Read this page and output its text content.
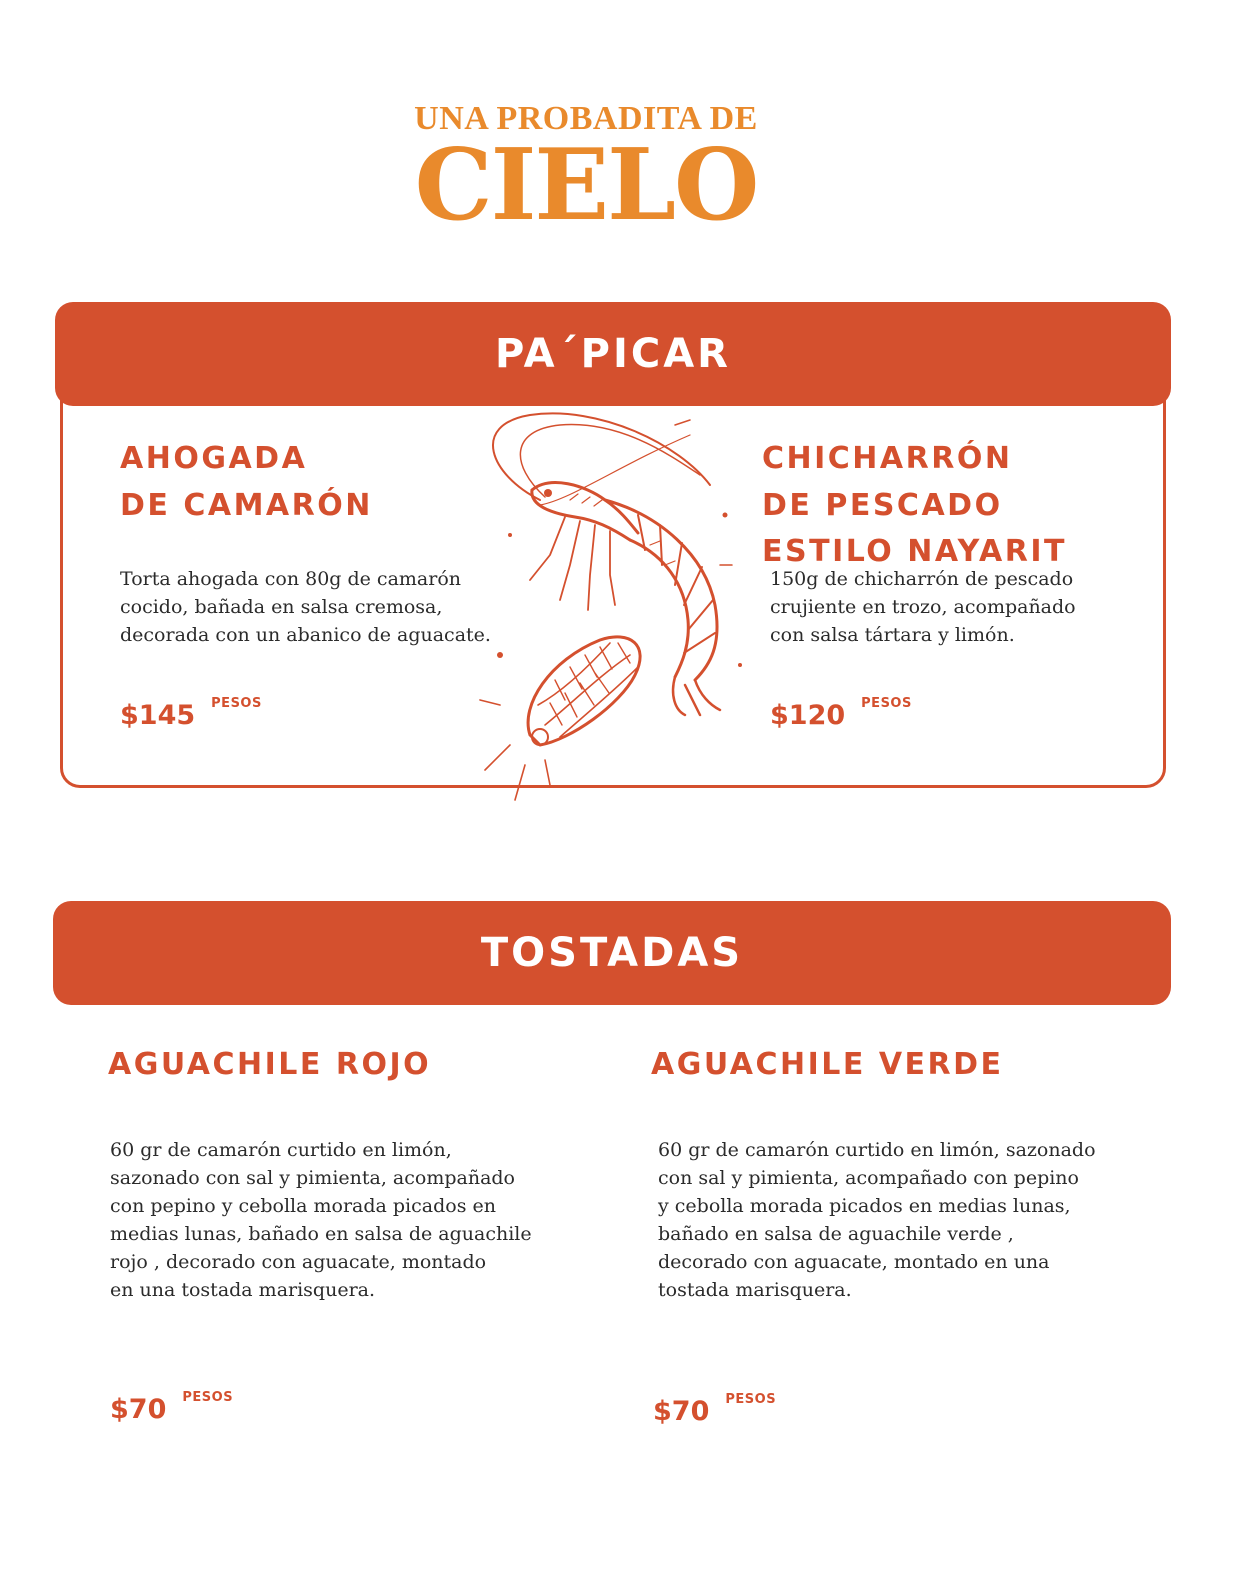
UNA PROBADITA DE
CIELO
PA´PICAR
AHOGADA
DE CAMARÓN

Torta ahogada con 80g de camarón
cocido, bañada en salsa cremosa,
decorada con un abanico de aguacate.

$145 PESOS

CHICHARRÓN
DE PESCADO
ESTILO NAYARIT

150g de chicharrón de pescado
crujiente en trozo, acompañado
con salsa tártara y limón.

$120 PESOS

TOSTADAS
AGUACHILE ROJO

60 gr de camarón curtido en limón,
sazonado con sal y pimienta, acompañado
con pepino y cebolla morada picados en
medias lunas, bañado en salsa de aguachile
rojo , decorado con aguacate, montado
en una tostada marisquera.

$70 PESOS

AGUACHILE VERDE

60 gr de camarón curtido en limón, sazonado
con sal y pimienta, acompañado con pepino
y cebolla morada picados en medias lunas,
bañado en salsa de aguachile verde ,
decorado con aguacate, montado en una
tostada marisquera.

$70 PESOS
